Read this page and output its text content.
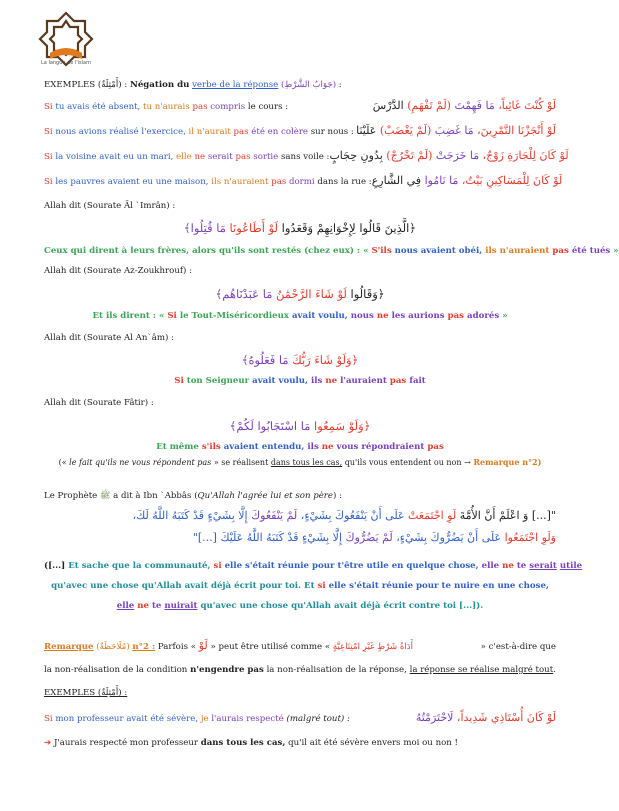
La langue de l'islam
EXEMPLES (أَمْثِلَةٌ) : Négation du verbe de la réponse (جَوَابُ الشَّرْطِ) :
Si tu avais été absent, tu n'aurais pas compris le cours :	لَوْ كُنْتَ غَائِباً، مَا فَهِمْتَ (لَمْ تَفْهَمِ) الدَّرْسَ
Si nous avions réalisé l'exercice, il n'aurait pas été en colère sur nous :	لَوْ أَنْجَزْنَا التَّمْرِينَ، مَا غَضِبَ (لَمْ يَغْضَبْ) عَلَيْنَا
Si la voisine avait eu un mari, elle ne serait pas sortie sans voile :	لَوْ كَانَ لِلْجَارَةِ زَوْجٌ، مَا خَرَجَتْ (لَمْ تَخْرُجْ) بِدُونِ حِجَابٍ
Si les pauvres avaient eu une maison, ils n'auraient pas dormi dans la rue :	لَوْ كَانَ لِلْمَسَاكِينِ بَيْتٌ، مَا نَامُوا فِي الشَّارِعِ
Allah dit (Sourate Āl `Imrân) :
﴿الَّذِينَ قَالُوا لِإِخْوَانِهِمْ وَقَعَدُوا لَوْ أَطَاعُونَا مَا قُتِلُوا﴾
Ceux qui dirent à leurs frères, alors qu'ils sont restés (chez eux) : « S'ils nous avaient obéi, ils n'auraient pas été tués »
Allah dit (Sourate Az-Zoukhrouf) :
﴿وَقَالُوا لَوْ شَاءَ الرَّحْمَٰنُ مَا عَبَدْنَاهُم﴾
Et ils dirent : « Si le Tout-Miséricordieux avait voulu, nous ne les aurions pas adorés »
Allah dit (Sourate Al An`âm) :
﴿وَلَوْ شَاءَ رَبُّكَ مَا فَعَلُوهُ﴾
Si ton Seigneur avait voulu, ils ne l'auraient pas fait
Allah dit (Sourate Fâtir) :
﴿وَلَوْ سَمِعُوا مَا اسْتَجَابُوا لَكُمْ﴾
Et même s'ils avaient entendu, ils ne vous répondraient pas
(« le fait qu'ils ne vous répondent pas » se réalisent dans tous les cas, qu'ils vous entendent ou non → Remarque n°2)
Le Prophète ﷺ a dit à Ibn `Abbâs (Qu'Allah l'agrée lui et son père) :
"[...] وَ اعْلَمْ أَنَّ الأُمَّةَ لَوِ اجْتَمَعَتْ عَلَى أَنْ يَنْفَعُوكَ بِشَيْءٍ، لَمْ يَنْفَعُوكَ إِلَّا بِشَيْءٍ قَدْ كَتَبَهُ اللَّهُ لَكَ،
وَلَوِ اجْتَمَعُوا عَلَى أَنْ يَضُرُّوكَ بِشَيْءٍ، لَمْ يَضُرُّوكَ إِلَّا بِشَيْءٍ قَدْ كَتَبَهُ اللَّهُ عَلَيْكَ [...]"
([...] Et sache que la communauté, si elle s'était réunie pour t'être utile en quelque chose, elle ne te serait utile
qu'avec une chose qu'Allah avait déjà écrit pour toi. Et si elle s'était réunie pour te nuire en une chose,
elle ne te nuirait qu'avec une chose qu'Allah avait déjà écrit contre toi [...]).
Remarque (مُلَاحَظَةٌ) n°2 : Parfois « لَوْ » peut être utilisé comme « أَدَاةُ شَرْطٍ غَيْرِ امْتِنَاعِيَّةٍ	» c'est-à-dire que
la non-réalisation de la condition n'engendre pas la non-réalisation de la réponse, la réponse se réalise malgré tout.
EXEMPLES (أَمْثِلَةٌ) :
Si mon professeur avait été sévère, je l'aurais respecté (malgré tout) :	لَوْ كَانَ أُسْتَاذِي شَدِيداً، لَاحْتَرَمْتُهُ
➔ J'aurais respecté mon professeur dans tous les cas, qu'il ait été sévère envers moi ou non !
